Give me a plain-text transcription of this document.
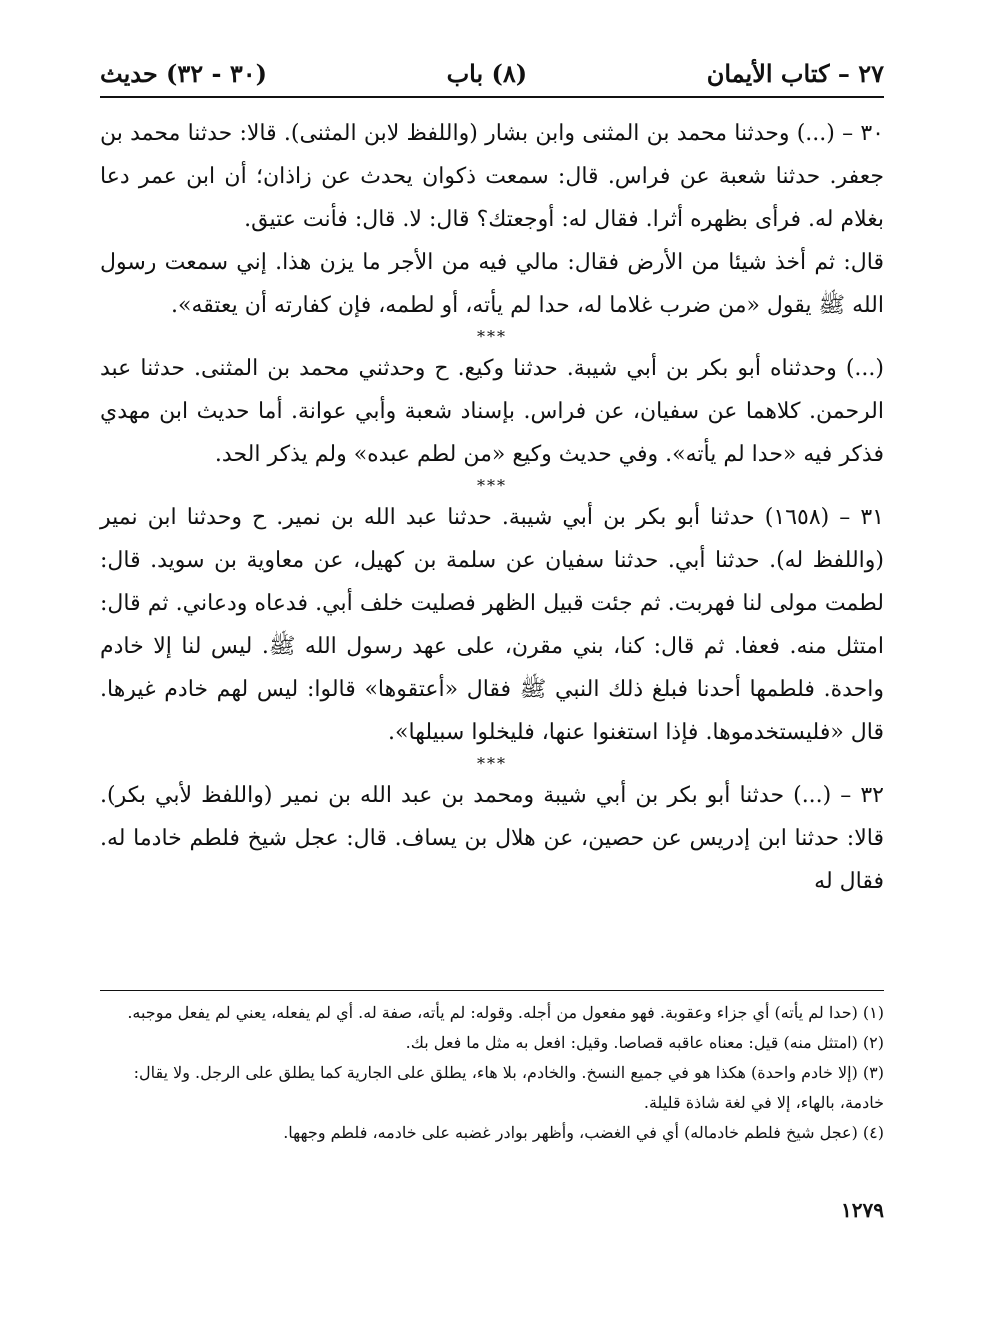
٢٧ – كتاب الأيمان
(٨) باب
(٣٠ - ٣٢) حديث

٣٠ – (...) وحدثنا محمد بن المثنى وابن بشار (واللفظ لابن المثنى). قالا: حدثنا محمد بن جعفر. حدثنا شعبة عن فراس. قال: سمعت ذكوان يحدث عن زاذان؛ أن ابن عمر دعا بغلام له. فرأى بظهره أثرا. فقال له: أوجعتك؟ قال: لا. قال: فأنت عتيق.

قال: ثم أخذ شيئا من الأرض فقال: مالي فيه من الأجر ما يزن هذا. إني سمعت رسول الله ﷺ يقول «من ضرب غلاما له، حدا لم يأته، أو لطمه، فإن كفارته أن يعتقه».

***

(...) وحدثناه أبو بكر بن أبي شيبة. حدثنا وكيع. ح وحدثني محمد بن المثنى. حدثنا عبد الرحمن. كلاهما عن سفيان، عن فراس. بإسناد شعبة وأبي عوانة. أما حديث ابن مهدي فذكر فيه «حدا لم يأته». وفي حديث وكيع «من لطم عبده» ولم يذكر الحد.

***

٣١ – (١٦٥٨) حدثنا أبو بكر بن أبي شيبة. حدثنا عبد الله بن نمير. ح وحدثنا ابن نمير (واللفظ له). حدثنا أبي. حدثنا سفيان عن سلمة بن كهيل، عن معاوية بن سويد. قال: لطمت مولى لنا فهربت. ثم جئت قبيل الظهر فصليت خلف أبي. فدعاه ودعاني. ثم قال: امتثل منه. فعفا. ثم قال: كنا، بني مقرن، على عهد رسول الله ﷺ. ليس لنا إلا خادم واحدة. فلطمها أحدنا فبلغ ذلك النبي ﷺ فقال «أعتقوها» قالوا: ليس لهم خادم غيرها. قال «فليستخدموها. فإذا استغنوا عنها، فليخلوا سبيلها».

***

٣٢ – (...) حدثنا أبو بكر بن أبي شيبة ومحمد بن عبد الله بن نمير (واللفظ لأبي بكر). قالا: حدثنا ابن إدريس عن حصين، عن هلال بن يساف. قال: عجل شيخ فلطم خادما له. فقال له

(١) (حدا لم يأته) أي جزاء وعقوبة. فهو مفعول من أجله. وقوله: لم يأته، صفة له. أي لم يفعله، يعني لم يفعل موجبه.

(٢) (امتثل منه) قيل: معناه عاقبه قصاصا. وقيل: افعل به مثل ما فعل بك.

(٣) (إلا خادم واحدة) هكذا هو في جميع النسخ. والخادم، بلا هاء، يطلق على الجارية كما يطلق على الرجل. ولا يقال: خادمة، بالهاء، إلا في لغة شاذة قليلة.

(٤) (عجل شيخ فلطم خادماله) أي في الغضب، وأظهر بوادر غضبه على خادمه، فلطم وجهها.

١٢٧٩
